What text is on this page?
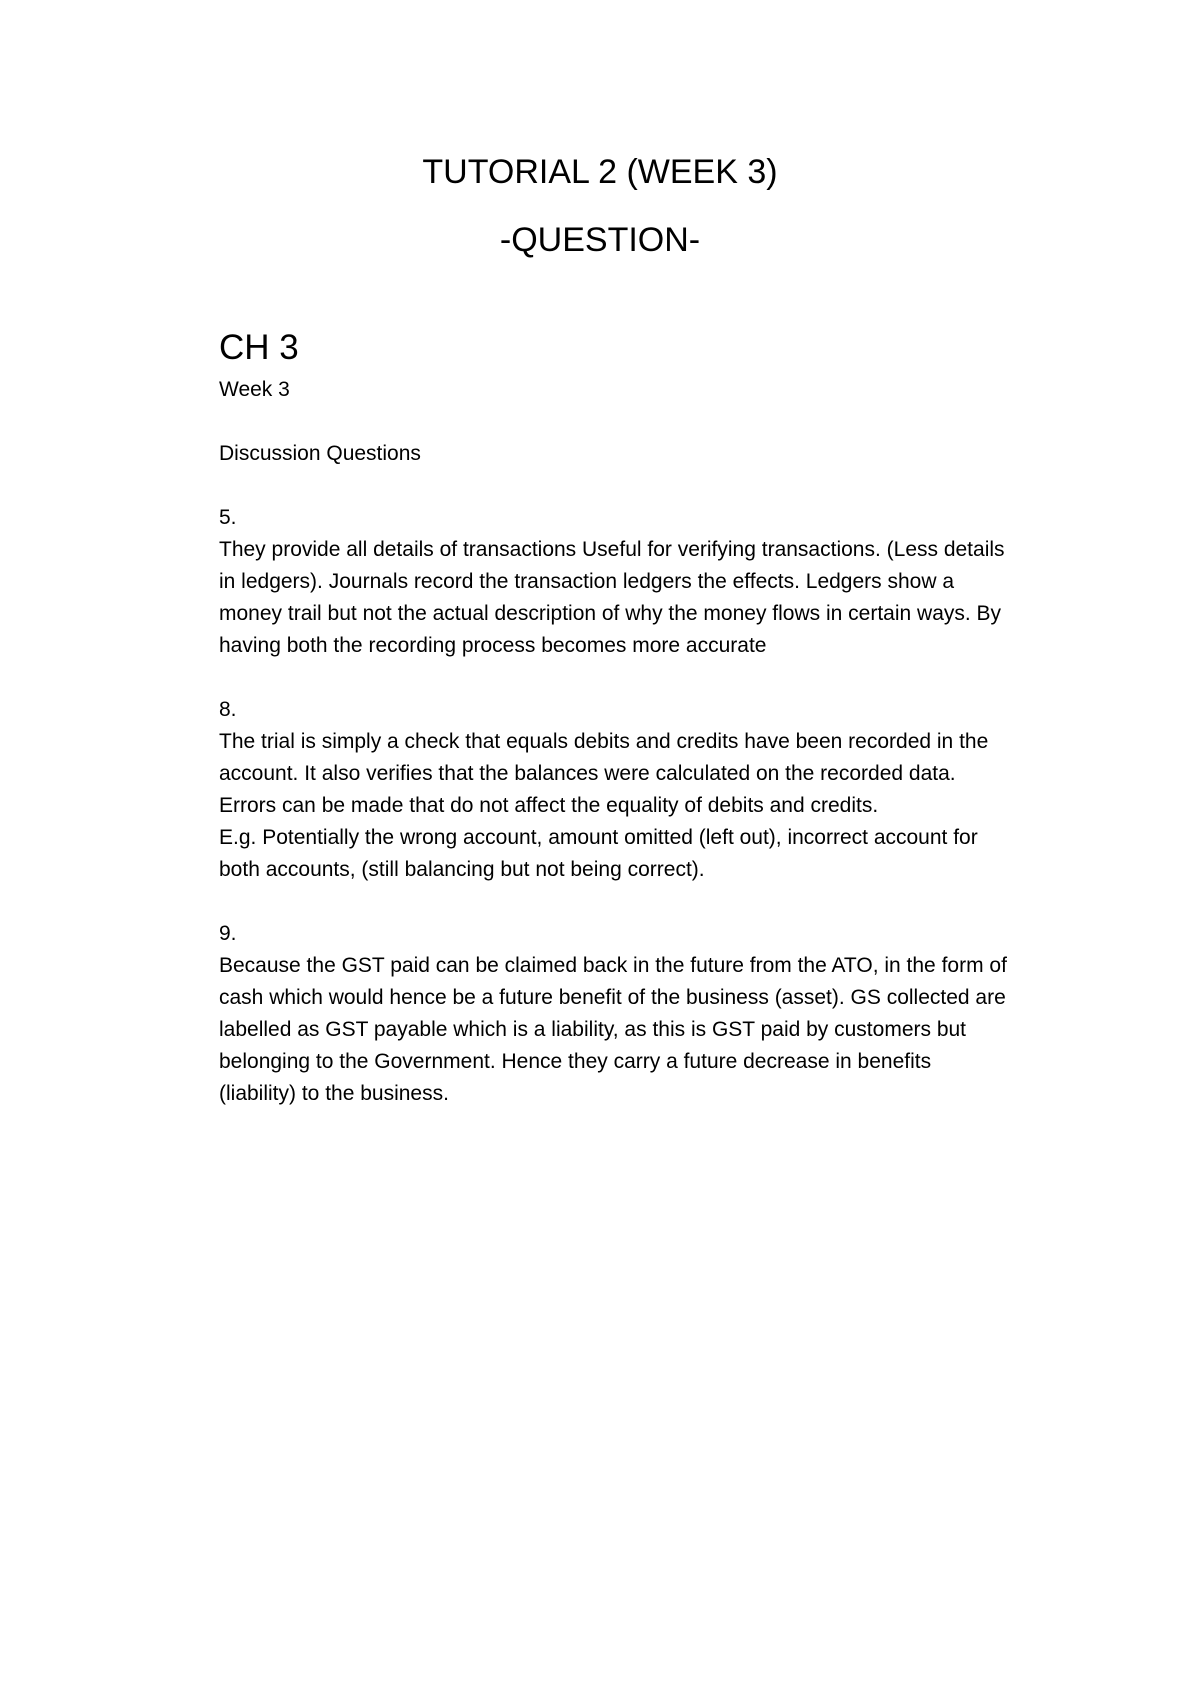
TUTORIAL 2 (WEEK 3)
-QUESTION-
CH 3
Week 3
Discussion Questions
5.
They provide all details of transactions Useful for verifying transactions. (Less details
in ledgers). Journals record the transaction ledgers the effects. Ledgers show a
money trail but not the actual description of why the money flows in certain ways. By
having both the recording process becomes more accurate
8.
The trial is simply a check that equals debits and credits have been recorded in the
account. It also verifies that the balances were calculated on the recorded data.
Errors can be made that do not affect the equality of debits and credits.
E.g. Potentially the wrong account, amount omitted (left out), incorrect account for
both accounts, (still balancing but not being correct).
9.
Because the GST paid can be claimed back in the future from the ATO, in the form of
cash which would hence be a future benefit of the business (asset). GS collected are
labelled as GST payable which is a liability, as this is GST paid by customers but
belonging to the Government. Hence they carry a future decrease in benefits
(liability) to the business.
